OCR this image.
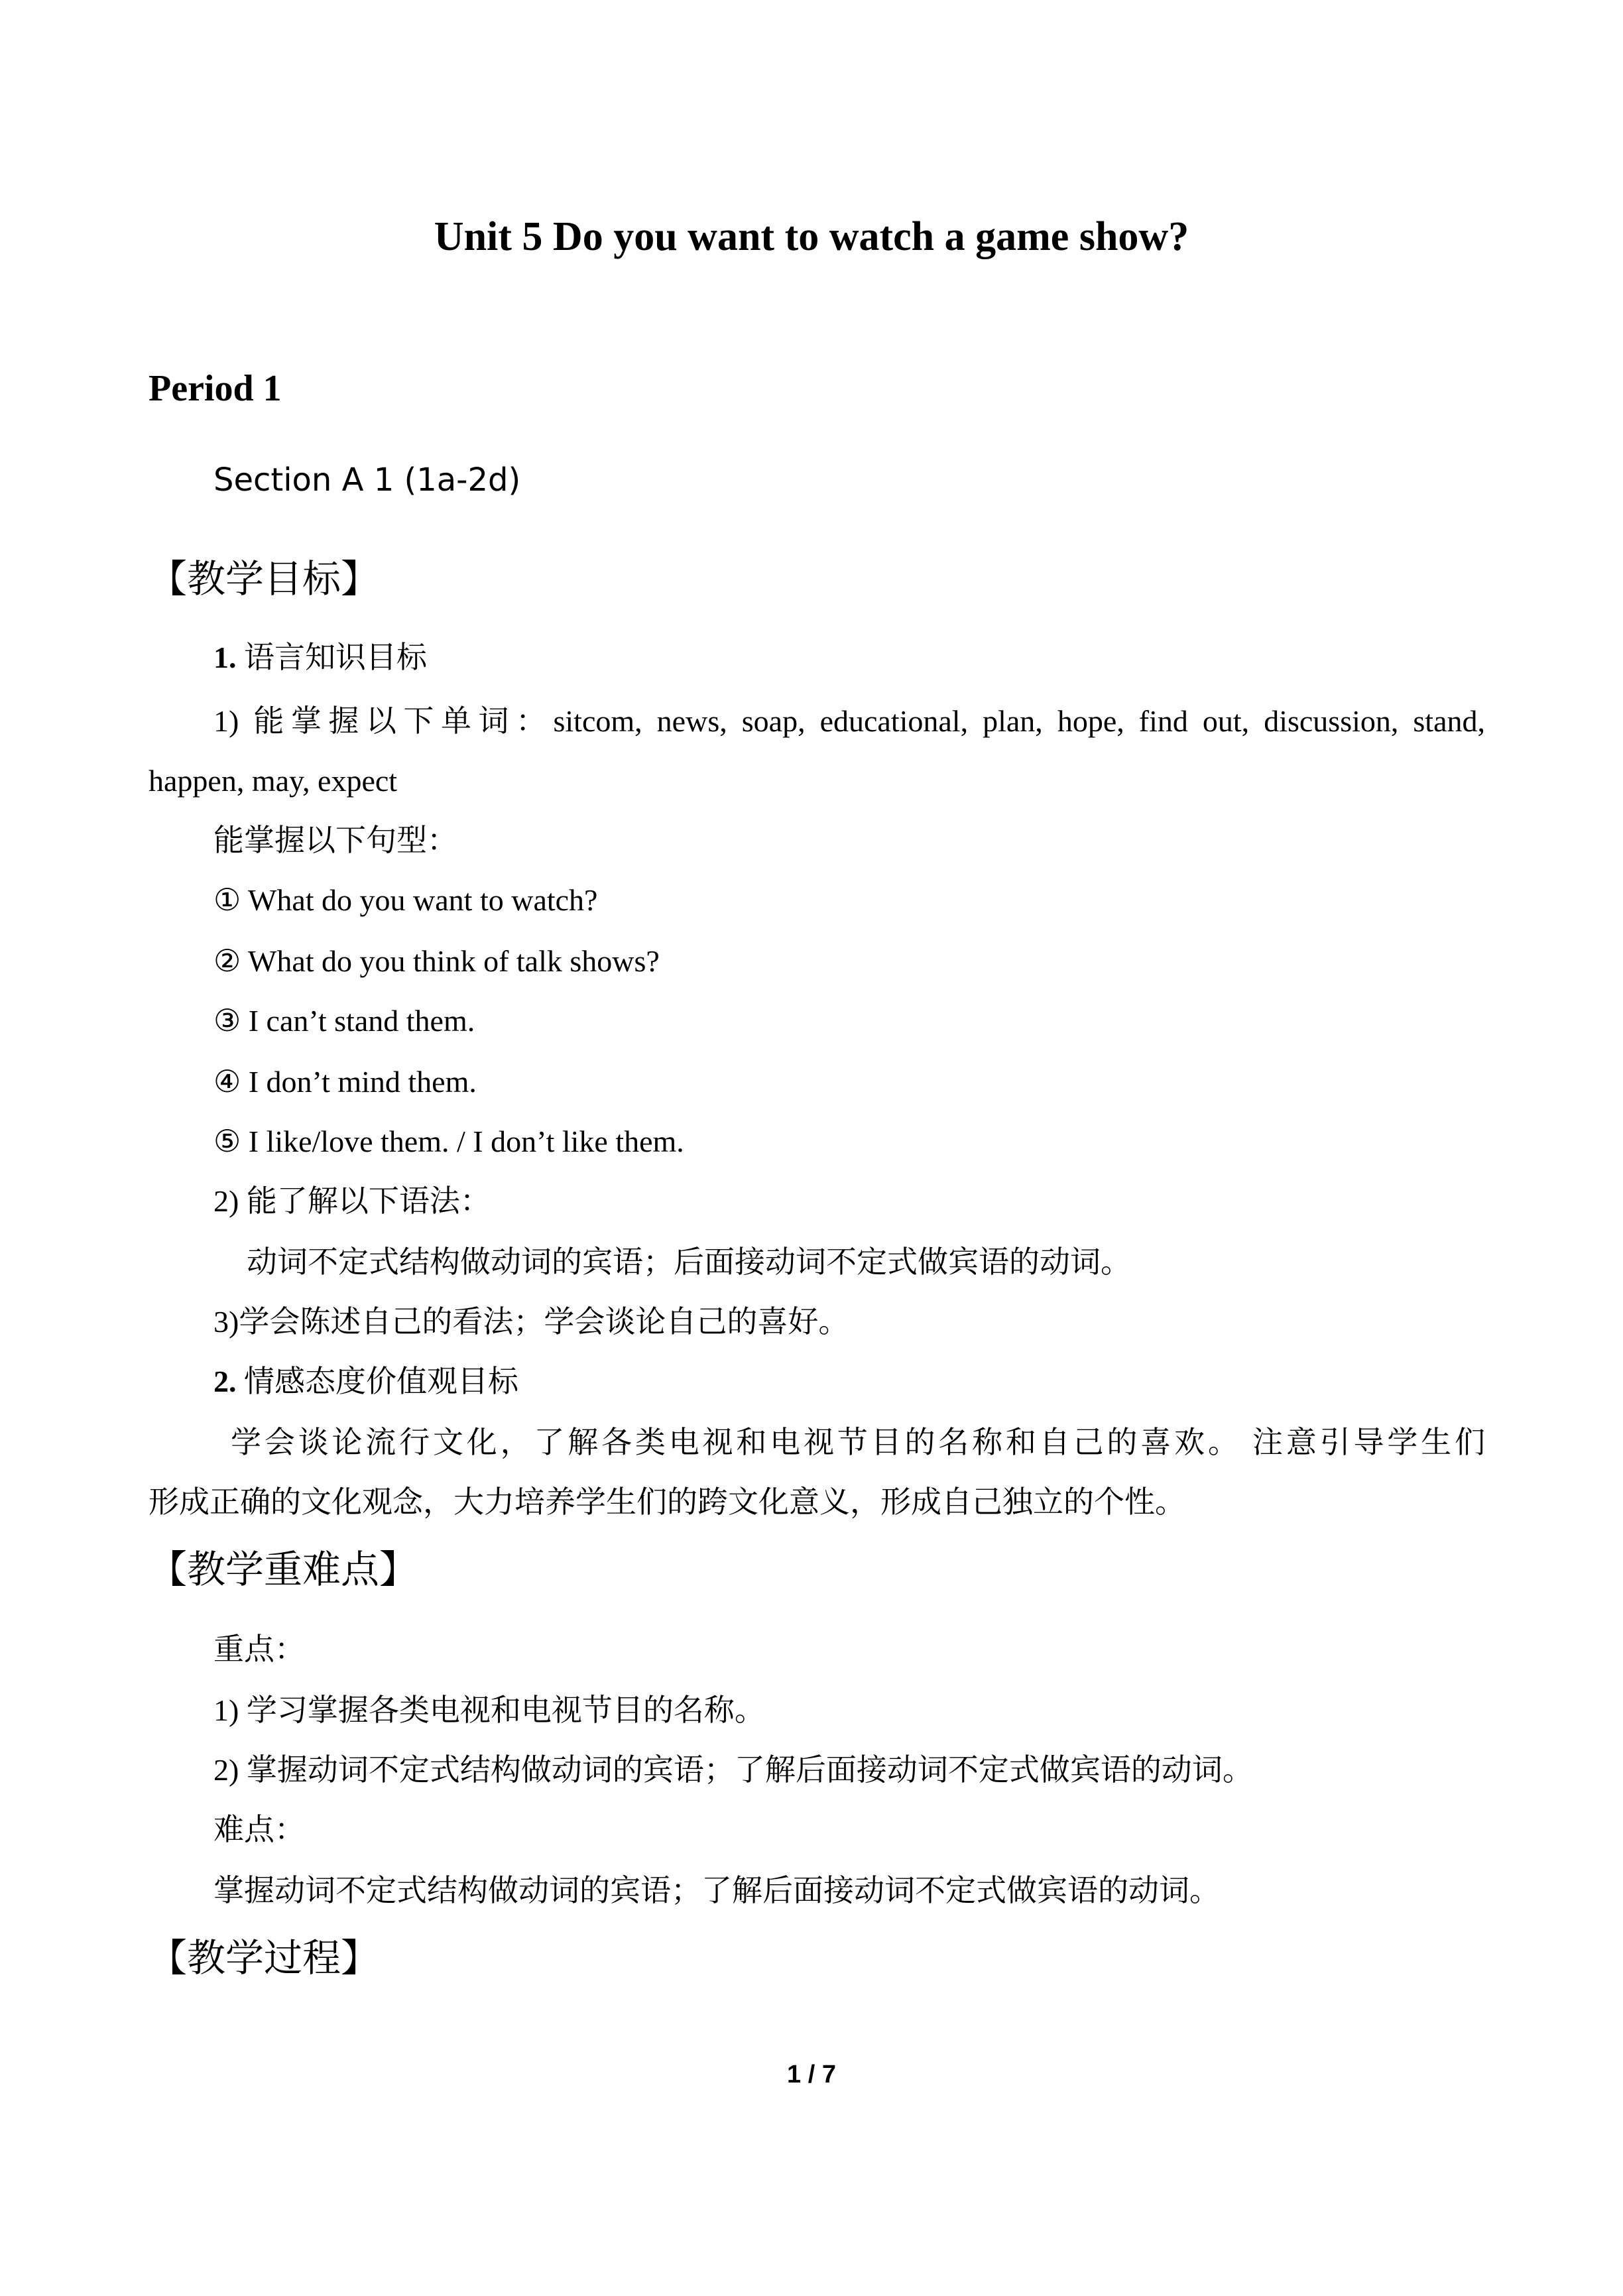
Unit 5 Do you want to watch a game show?
Period 1
Section A 1 (1a-2d)
【教学目标】
1. 语言知识目标
1) 能掌握以下单词：sitcom, news, soap, educational, plan, hope, find out, discussion, stand,
happen, may, expect
能掌握以下句型：
① What do you want to watch?
② What do you think of talk shows?
③ I can’t stand them.
④ I don’t mind them.
⑤ I like/love them. / I don’t like them.
2) 能了解以下语法：
动词不定式结构做动词的宾语；后面接动词不定式做宾语的动词。
3)学会陈述自己的看法；学会谈论自己的喜好。
2. 情感态度价值观目标
学会谈论流行文化，了解各类电视和电视节目的名称和自己的喜欢。 注意引导学生们
形成正确的文化观念，大力培养学生们的跨文化意义，形成自己独立的个性。
【教学重难点】
重点：
1) 学习掌握各类电视和电视节目的名称。
2) 掌握动词不定式结构做动词的宾语；了解后面接动词不定式做宾语的动词。
难点：
掌握动词不定式结构做动词的宾语；了解后面接动词不定式做宾语的动词。
【教学过程】
1 / 7
